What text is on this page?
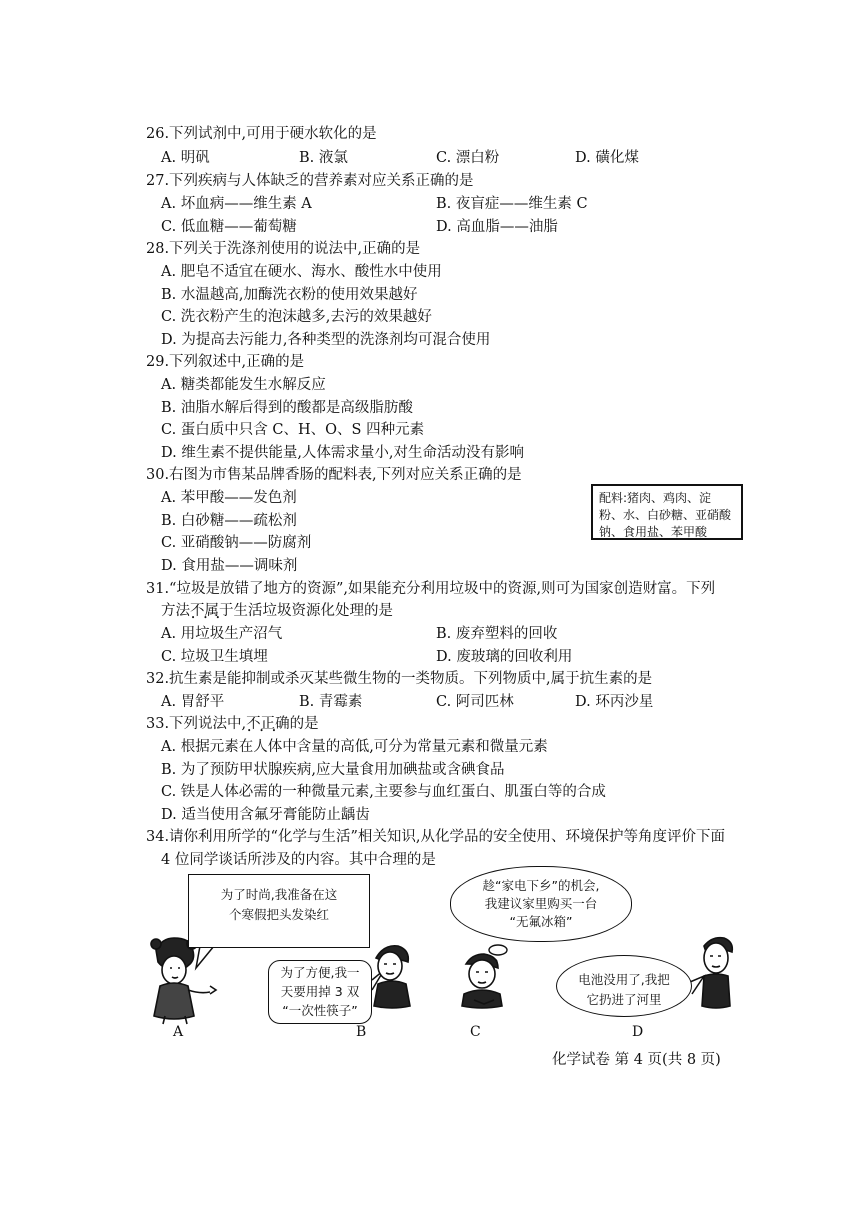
26.下列试剂中,可用于硬水软化的是
A. 明矾	B. 液氯	C. 漂白粉	D. 磺化煤
27.下列疾病与人体缺乏的营养素对应关系正确的是
A. 坏血病——维生素 A	B. 夜盲症——维生素 C
C. 低血糖——葡萄糖	D. 高血脂——油脂
28.下列关于洗涤剂使用的说法中,正确的是
A. 肥皂不适宜在硬水、海水、酸性水中使用
B. 水温越高,加酶洗衣粉的使用效果越好
C. 洗衣粉产生的泡沫越多,去污的效果越好
D. 为提高去污能力,各种类型的洗涤剂均可混合使用
29.下列叙述中,正确的是
A. 糖类都能发生水解反应
B. 油脂水解后得到的酸都是高级脂肪酸
C. 蛋白质中只含 C、H、O、S 四种元素
D. 维生素不提供能量,人体需求量小,对生命活动没有影响
30.右图为市售某品牌香肠的配料表,下列对应关系正确的是
A. 苯甲酸——发色剂
B. 白砂糖——疏松剂
C. 亚硝酸钠——防腐剂
D. 食用盐——调味剂
配料:猪肉、鸡肉、淀粉、水、白砂糖、亚硝酸钠、食用盐、苯甲酸
31.“垃圾是放错了地方的资源”,如果能充分利用垃圾中的资源,则可为国家创造财富。下列
方法不属于 • • •生活垃圾资源化处理的是
A. 用垃圾生产沼气	B. 废弃塑料的回收
C. 垃圾卫生填埋	D. 废玻璃的回收利用
32.抗生素是能抑制或杀灭某些微生物的一类物质。下列物质中,属于抗生素的是
A. 胃舒平	B. 青霉素	C. 阿司匹林	D. 环丙沙星
33.下列说法中,不正确 • • •的是
A. 根据元素在人体中含量的高低,可分为常量元素和微量元素
B. 为了预防甲状腺疾病,应大量食用加碘盐或含碘食品
C. 铁是人体必需的一种微量元素,主要参与血红蛋白、肌蛋白等的合成
D. 适当使用含氟牙膏能防止龋齿
34.请你利用所学的“化学与生活”相关知识,从化学品的安全使用、环境保护等角度评价下面
4 位同学谈话所涉及的内容。其中合理的是
为了时尚,我准备在这
个寒假把头发染红
为了方便,我一
天要用掉 3 双
“一次性筷子”
趁“家电下乡”的机会,
我建议家里购买一台
“无氟冰箱”
电池没用了,我把
它扔进了河里
A	B	C	D
化学试卷 第 4 页(共 8 页)
